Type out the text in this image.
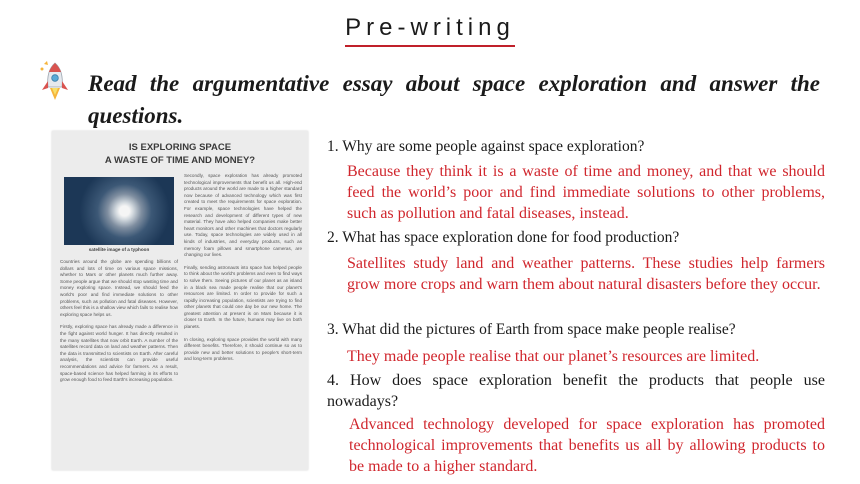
Pre-writing
Read the argumentative essay about space exploration and answer the
questions.
IS EXPLORING SPACE
A WASTE OF TIME AND MONEY?
satellite image of a typhoon

Countries around the globe are spending billions of dollars and lots of time on various space missions, whether to Mars or other planets much further away. Some people argue that we should stop wasting time and money exploring space. Instead, we should feed the world's poor and find immediate solutions to other problems, such as pollution and fatal diseases. However, others feel this is a shallow view which fails to realise how exploring space helps us.

Firstly, exploring space has already made a difference in the fight against world hunger. It has directly resulted in the many satellites that now orbit Earth. A number of the satellites record data on land and weather patterns. Then the data is transmitted to scientists on Earth. After careful analysis, the scientists can provide useful recommendations and advice for farmers. As a result, space-based science has helped farming in its efforts to grow enough food to feed Earth's increasing population.

Secondly, space exploration has already promoted technological improvements that benefit us all. High-end products around the world are made to a higher standard now because of advanced technology which was first created to meet the requirements for space exploration. For example, space technologies have helped the research and development of different types of new material. They have also helped companies make better heart monitors and other machines that doctors regularly use. Today, space technologies are widely used in all kinds of industries, and everyday products, such as memory foam pillows and smartphone cameras, are changing our lives.

Finally, sending astronauts into space has helped people to think about the world's problems and even to find ways to solve them. Seeing pictures of our planet as an island in a black sea made people realise that our planet's resources are limited. In order to provide for such a rapidly increasing population, scientists are trying to find other planets that could one day be our new home. The greatest attention at present is on Mars because it is closer to Earth. In the future, humans may live on both planets.

In closing, exploring space provides the world with many different benefits. Therefore, it should continue so as to provide new and better solutions to people's short-term and long-term problems.

1. Why are some people against space exploration?
Because they think it is a waste of time and money, and that we should feed the world’s poor and find immediate solutions to other problems, such as pollution and fatal diseases, instead.
2. What has space exploration done for food production?
Satellites study land and weather patterns. These studies help farmers grow more crops and warn them about natural disasters before they occur.
3. What did the pictures of Earth from space make people realise?
They made people realise that our planet’s resources are limited.
4. How does space exploration benefit the products that people use nowadays?
Advanced technology developed for space exploration has promoted technological improvements that benefits us all by allowing products to be made to a higher standard.
